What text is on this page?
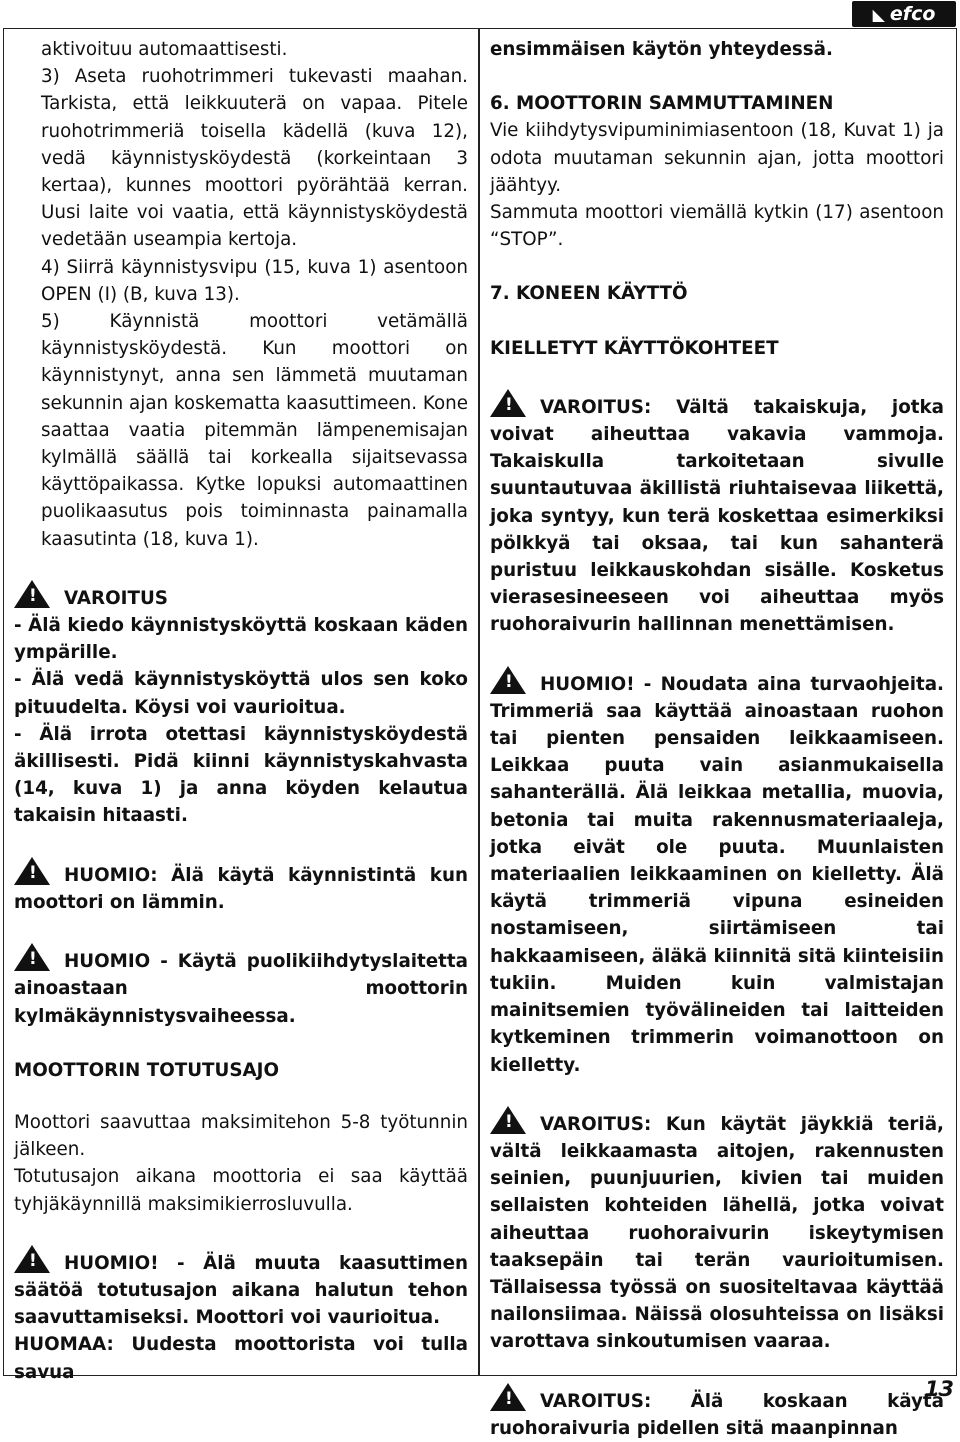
◣ efco

aktivoituu automaattisesti.

3) Aseta ruohotrimmeri tukevasti maahan. Tarkista, että leikkuuterä on vapaa. Pitele ruohotrimmeriä toisella kädellä (kuva 12), vedä käynnistysköydestä (korkeintaan 3 kertaa), kunnes moottori pyörähtää kerran. Uusi laite voi vaatia, että käynnistysköydestä vedetään useampia kertoja.

4) Siirrä käynnistysvipu (15, kuva 1) asentoon OPEN (I) (B, kuva 13).

5) Käynnistä moottori vetämällä käynnistysköydestä. Kun moottori on käynnistynyt, anna sen lämmetä muutaman sekunnin ajan koskematta kaasuttimeen. Kone saattaa vaatia pitemmän lämpenemisajan kylmällä säällä tai korkealla sijaitsevassa käyttöpaikassa. Kytke lopuksi automaattinen puolikaasutus pois toiminnasta painamalla kaasutinta (18, kuva 1).

!VAROITUS

- Älä kiedo käynnistysköyttä koskaan käden ympärille.

- Älä vedä käynnistysköyttä ulos sen koko pituudelta. Köysi voi vaurioitua.

- Älä irrota otettasi käynnistysköydestä äkillisesti. Pidä kiinni käynnistyskahvasta (14, kuva 1) ja anna köyden kelautua takaisin hitaasti.

!HUOMIO: Älä käytä käynnistintä kun moottori on lämmin.

!HUOMIO - Käytä puolikiihdytyslaitetta ainoastaan moottorin kylmäkäynnistysvaiheessa.

MOOTTORIN TOTUTUSAJO

Moottori saavuttaa maksimitehon 5-8 työtunnin jälkeen.

Totutusajon aikana moottoria ei saa käyttää tyhjäkäynnillä maksimikierrosluvulla.

!HUOMIO! - Älä muuta kaasuttimen säätöä totutusajon aikana halutun tehon saavuttamiseksi. Moottori voi vaurioitua.

HUOMAA: Uudesta moottorista voi tulla savua

ensimmäisen käytön yhteydessä.

6. MOOTTORIN SAMMUTTAMINEN

Vie kiihdytysvipuminimiasentoon (18, Kuvat 1) ja odota muutaman sekunnin ajan, jotta moottori jäähtyy.

Sammuta moottori viemällä kytkin (17) asentoon “STOP”.

7. KONEEN KÄYTTÖ

KIELLETYT KÄYTTÖKOHTEET

!VAROITUS: Vältä takaiskuja, jotka voivat aiheuttaa vakavia vammoja. Takaiskulla tarkoitetaan sivulle suuntautuvaa äkillistä riuhtaisevaa liikettä, joka syntyy, kun terä koskettaa esimerkiksi pölkkyä tai oksaa, tai kun sahanterä puristuu leikkauskohdan sisälle. Kosketus vierasesineeseen voi aiheuttaa myös ruohoraivurin hallinnan menettämisen.

!HUOMIO! - Noudata aina turvaohjeita. Trimmeriä saa käyttää ainoastaan ruohon tai pienten pensaiden leikkaamiseen. Leikkaa puuta vain asianmukaisella sahanterällä. Älä leikkaa metallia, muovia, betonia tai muita rakennusmateriaaleja, jotka eivät ole puuta. Muunlaisten materiaalien leikkaaminen on kielletty. Älä käytä trimmeriä vipuna esineiden nostamiseen, siirtämiseen tai hakkaamiseen, äläkä kiinnitä sitä kiinteisiin tukiin. Muiden kuin valmistajan mainitsemien työvälineiden tai laitteiden kytkeminen trimmerin voimanottoon on kielletty.

!VAROITUS: Kun käytät jäykkiä teriä, vältä leikkaamasta aitojen, rakennusten seinien, puunjuurien, kivien tai muiden sellaisten kohteiden lähellä, jotka voivat aiheuttaa ruohoraivurin iskeytymisen taaksepäin tai terän vaurioitumisen. Tällaisessa työssä on suositeltavaa käyttää nailonsiimaa. Näissä olosuhteissa on lisäksi varottava sinkoutumisen vaaraa.

!VAROITUS: Älä koskaan käytä ruohoraivuria pidellen sitä maanpinnan

13
